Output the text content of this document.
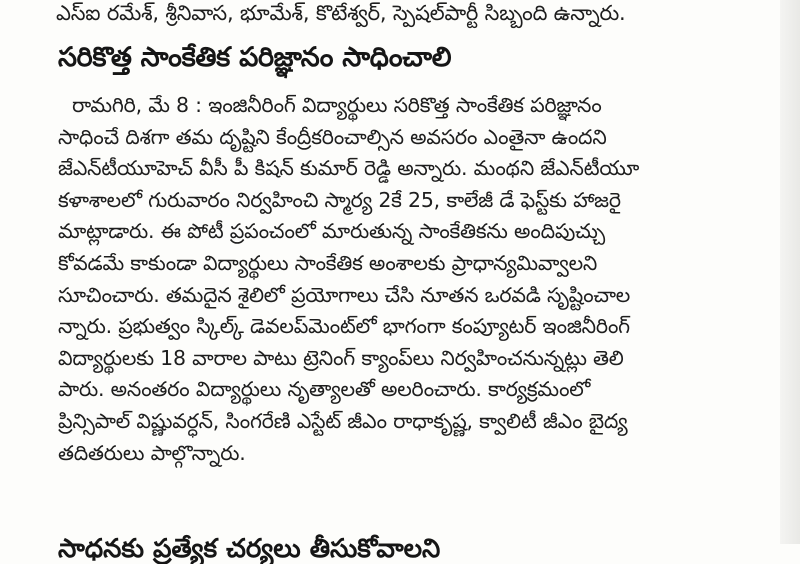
ఎస్ఐ రమేశ్, శ్రీనివాస, భూమేశ్, కొటేశ్వర్, స్పెషల్‌పార్టీ సిబ్బంది ఉన్నారు.
సరికొత్త సాంకేతిక పరిజ్ఞానం సాధించాలి
రామగిరి, మే 8 : ఇంజినీరింగ్ విద్యార్థులు సరికొత్త సాంకేతిక పరిజ్ఞానం
సాధించే దిశగా తమ దృష్టిని కేంద్రీకరించాల్సిన అవసరం ఎంతైనా ఉందని
జేఎన్‌టీయూహెచ్ వీసీ పీ కిషన్ కుమార్ రెడ్డి అన్నారు. మంథని జేఎన్‌టీయూ
కళాశాలలో గురువారం నిర్వహించి స్మార్య 2కే 25, కాలేజీ డే ఫెస్ట్‌కు హాజరై
మాట్లాడారు. ఈ పోటీ ప్రపంచంలో మారుతున్న సాంకేతికను అందిపుచ్చు
కోవడమే కాకుండా విద్యార్థులు సాంకేతిక అంశాలకు ప్రాధాన్యమివ్వాలని
సూచించారు. తమదైన శైలిలో ప్రయోగాలు చేసి నూతన ఒరవడి సృష్టించాల
న్నారు. ప్రభుత్వం స్కిల్క్ డెవలప్‌మెంట్‌లో భాగంగా కంప్యూటర్ ఇంజినీరింగ్
విద్యార్థులకు 18 వారాల పాటు ట్రెనింగ్ క్యాంప్‌లు నిర్వహించనున్నట్లు తెలి
పారు. అనంతరం విద్యార్థులు నృత్యాలతో అలరించారు. కార్యక్రమంలో
ప్రిన్సిపాల్ విష్ణువర్ధన్, సింగరేణి ఎస్టేట్ జీఎం రాధాకృష్ణ, క్వాలిటీ జీఎం బైద్య
తదితరులు పాల్గొన్నారు.
సాధనకు ప్రత్యేక చర్యలు తీసుకోవాలని
